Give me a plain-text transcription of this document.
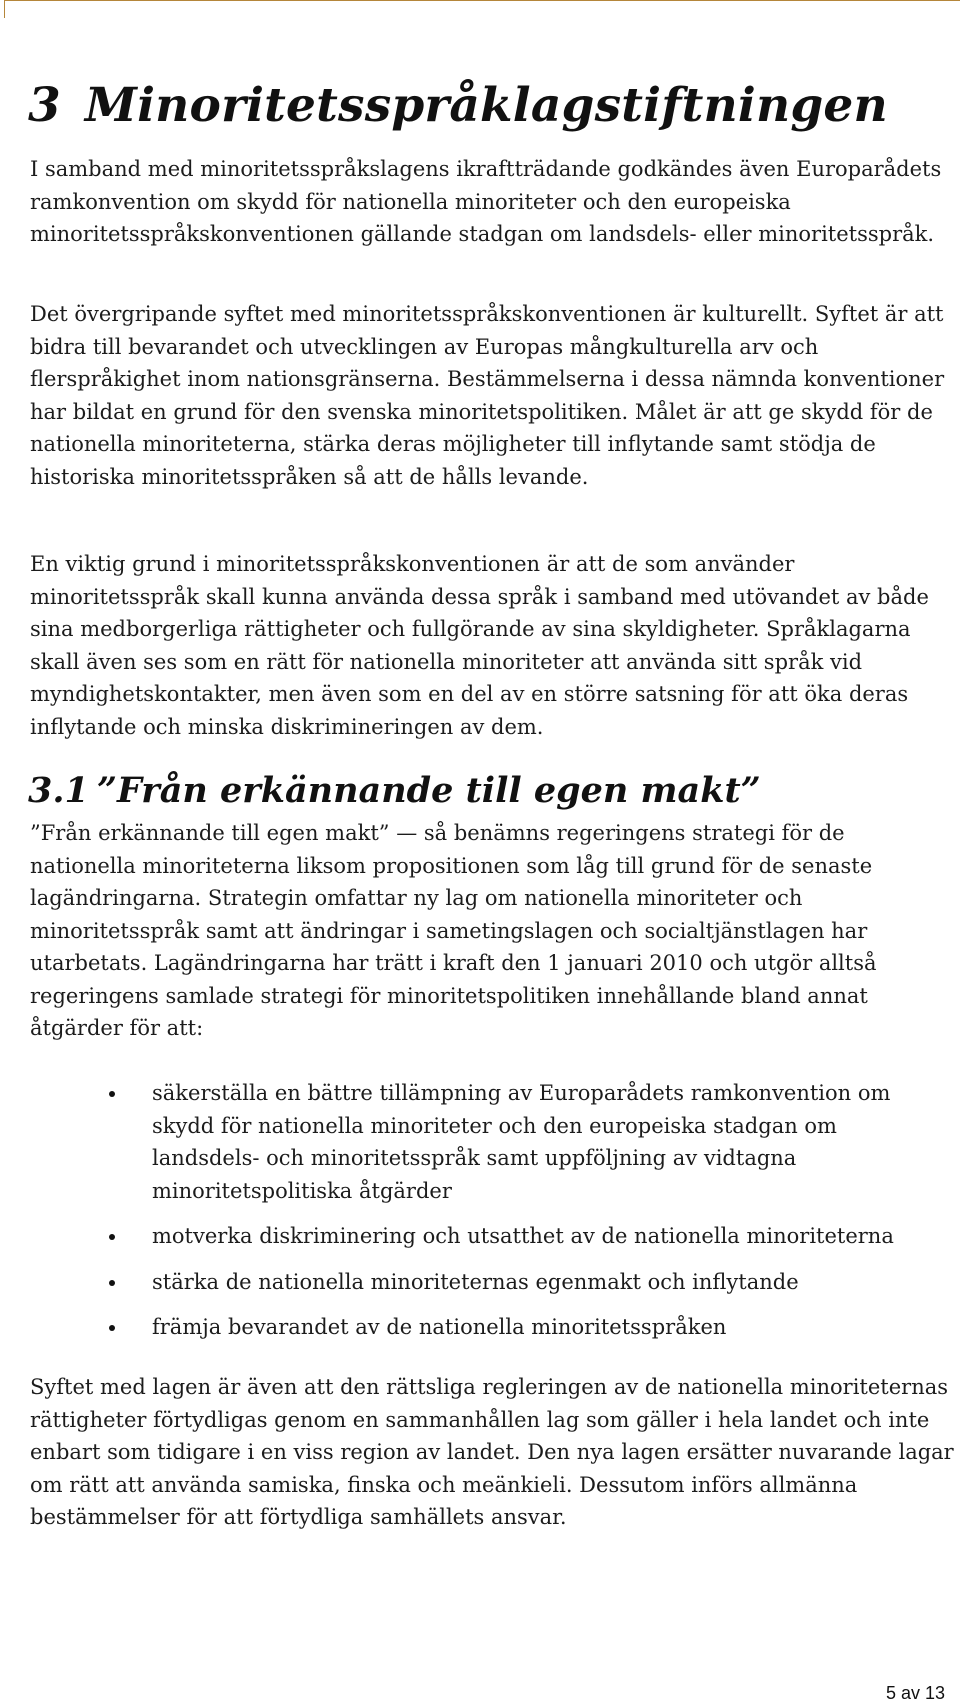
3 Minoritetsspråklagstiftningen

I samband med minoritetsspråkslagens ikraftträdande godkändes även Europarådets ramkonvention om skydd för nationella minoriteter och den europeiska minoritetsspråkskonventionen gällande stadgan om landsdels- eller minoritetsspråk.

Det övergripande syftet med minoritetsspråkskonventionen är kulturellt. Syftet är att bidra till bevarandet och utvecklingen av Europas mångkulturella arv och flerspråkighet inom nationsgränserna. Bestämmelserna i dessa nämnda konventioner har bildat en grund för den svenska minoritetspolitiken. Målet är att ge skydd för de nationella minoriteterna, stärka deras möjligheter till inflytande samt stödja de historiska minoritetsspråken så att de hålls levande.

En viktig grund i minoritetsspråkskonventionen är att de som använder minoritetsspråk skall kunna använda dessa språk i samband med utövandet av både sina medborgerliga rättigheter och fullgörande av sina skyldigheter. Språklagarna skall även ses som en rätt för nationella minoriteter att använda sitt språk vid myndighetskontakter, men även som en del av en större satsning för att öka deras inflytande och minska diskrimineringen av dem.

3.1 ”Från erkännande till egen makt”

”Från erkännande till egen makt” — så benämns regeringens strategi för de nationella minoriteterna liksom propositionen som låg till grund för de senaste lagändringarna. Strategin omfattar ny lag om nationella minoriteter och minoritetsspråk samt att ändringar i sametingslagen och socialtjänstlagen har utarbetats. Lagändringarna har trätt i kraft den 1 januari 2010 och utgör alltså regeringens samlade strategi för minoritetspolitiken innehållande bland annat åtgärder för att:

säkerställa en bättre tillämpning av Europarådets ramkonvention om skydd för nationella minoriteter och den europeiska stadgan om landsdels- och minoritetsspråk samt uppföljning av vidtagna minoritetspolitiska åtgärder
motverka diskriminering och utsatthet av de nationella minoriteterna
stärka de nationella minoriteternas egenmakt och inflytande
främja bevarandet av de nationella minoritetsspråken

Syftet med lagen är även att den rättsliga regleringen av de nationella minoriteternas rättigheter förtydligas genom en sammanhållen lag som gäller i hela landet och inte enbart som tidigare i en viss region av landet. Den nya lagen ersätter nuvarande lagar om rätt att använda samiska, finska och meänkieli. Dessutom införs allmänna bestämmelser för att förtydliga samhällets ansvar.

5 av 13
